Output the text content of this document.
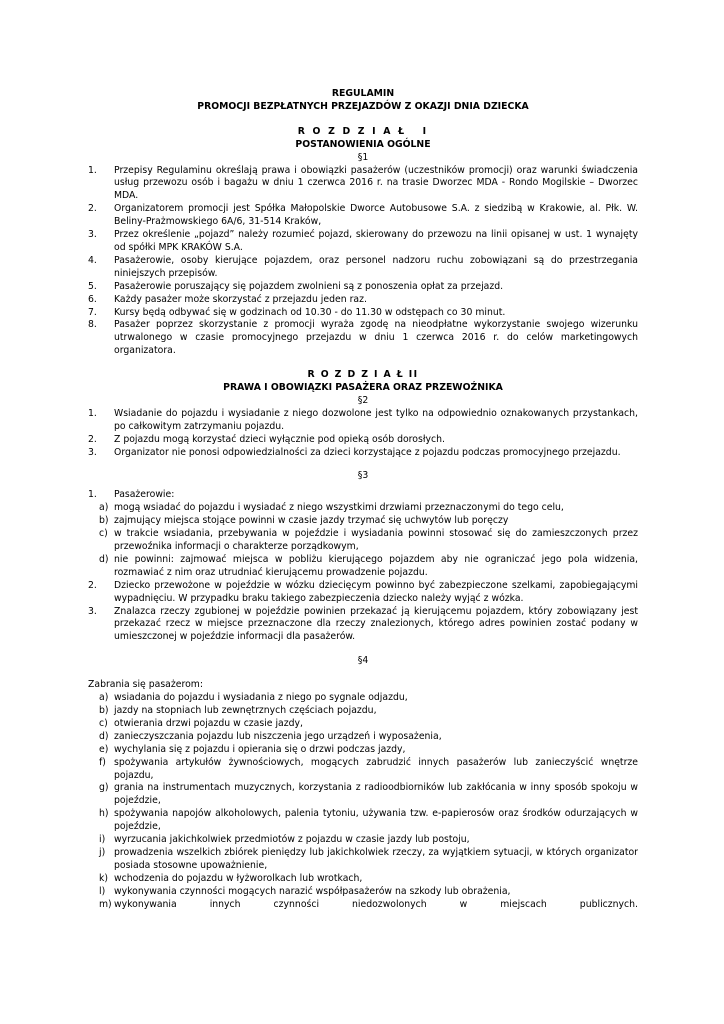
REGULAMIN
PROMOCJI BEZPŁATNYCH PRZEJAZDÓW Z OKAZJI DNIA DZIECKA
R O Z D Z I A Ł   I
POSTANOWIENIA OGÓLNE
§1
1. Przepisy Regulaminu określają prawa i obowiązki pasażerów (uczestników promocji) oraz warunki świadczenia usług przewozu osób i bagażu w dniu 1 czerwca 2016 r. na trasie Dworzec MDA - Rondo Mogilskie – Dworzec MDA.
2. Organizatorem promocji jest Spółka Małopolskie Dworce Autobusowe S.A. z siedzibą w Krakowie, al. Płk. W. Beliny-Prażmowskiego 6A/6, 31-514 Kraków,
3. Przez określenie „pojazd” należy rozumieć pojazd, skierowany do przewozu na linii opisanej w ust. 1 wynajęty od spółki MPK KRAKÓW S.A.
4. Pasażerowie, osoby kierujące pojazdem, oraz personel nadzoru ruchu zobowiązani są do przestrzegania niniejszych przepisów.
5. Pasażerowie poruszający się pojazdem zwolnieni są z ponoszenia opłat za przejazd.
6. Każdy pasażer może skorzystać z przejazdu jeden raz.
7. Kursy będą odbywać się w godzinach od 10.30 - do 11.30 w odstępach co 30 minut.
8. Pasażer poprzez skorzystanie z promocji wyraża zgodę na nieodpłatne wykorzystanie swojego wizerunku utrwalonego w czasie promocyjnego przejazdu w dniu 1 czerwca 2016 r. do celów marketingowych organizatora.
R O Z D Z I A Ł II
PRAWA I OBOWIĄZKI PASAŻERA ORAZ PRZEWOŹNIKA
§2
1. Wsiadanie do pojazdu i wysiadanie z niego dozwolone jest tylko na odpowiednio oznakowanych przystankach, po całkowitym zatrzymaniu pojazdu.
2. Z pojazdu mogą korzystać dzieci wyłącznie pod opieką osób dorosłych.
3. Organizator nie ponosi odpowiedzialności za dzieci korzystające z pojazdu podczas promocyjnego przejazdu.
§3
1. Pasażerowie:
a) mogą wsiadać do pojazdu i wysiadać z niego wszystkimi drzwiami przeznaczonymi do tego celu,
b) zajmujący miejsca stojące powinni w czasie jazdy trzymać się uchwytów lub poręczy
c) w trakcie wsiadania, przebywania w pojeździe i wysiadania powinni stosować się do zamieszczonych przez przewoźnika informacji o charakterze porządkowym,
d) nie powinni: zajmować miejsca w pobliżu kierującego pojazdem aby nie ograniczać jego pola widzenia, rozmawiać z nim oraz utrudniać kierującemu prowadzenie pojazdu.
2. Dziecko przewożone w pojeździe w wózku dziecięcym powinno być zabezpieczone szelkami, zapobiegającymi wypadnięciu. W przypadku braku takiego zabezpieczenia dziecko należy wyjąć z wózka.
3. Znalazca rzeczy zgubionej w pojeździe powinien przekazać ją kierującemu pojazdem, który zobowiązany jest przekazać rzecz w miejsce przeznaczone dla rzeczy znalezionych, którego adres powinien zostać podany w umieszczonej w pojeździe informacji dla pasażerów.
§4
Zabrania się pasażerom:
a) wsiadania do pojazdu i wysiadania z niego po sygnale odjazdu,
b) jazdy na stopniach lub zewnętrznych częściach pojazdu,
c) otwierania drzwi pojazdu w czasie jazdy,
d) zanieczyszczania pojazdu lub niszczenia jego urządzeń i wyposażenia,
e) wychylania się z pojazdu i opierania się o drzwi podczas jazdy,
f) spożywania artykułów żywnościowych, mogących zabrudzić innych pasażerów lub zanieczyścić wnętrze pojazdu,
g) grania na instrumentach muzycznych, korzystania z radioodbiorników lub zakłócania w inny sposób spokoju w pojeździe,
h) spożywania napojów alkoholowych, palenia tytoniu, używania tzw. e-papierosów oraz środków odurzających w pojeździe,
i) wyrzucania jakichkolwiek przedmiotów z pojazdu w czasie jazdy lub postoju,
j) prowadzenia wszelkich zbiórek pieniędzy lub jakichkolwiek rzeczy, za wyjątkiem sytuacji, w których organizator posiada stosowne upoważnienie,
k) wchodzenia do pojazdu w łyżworolkach lub wrotkach,
l) wykonywania czynności mogących narazić współpasażerów na szkody lub obrażenia,
m) wykonywania innych czynności niedozwolonych w miejscach publicznych.
